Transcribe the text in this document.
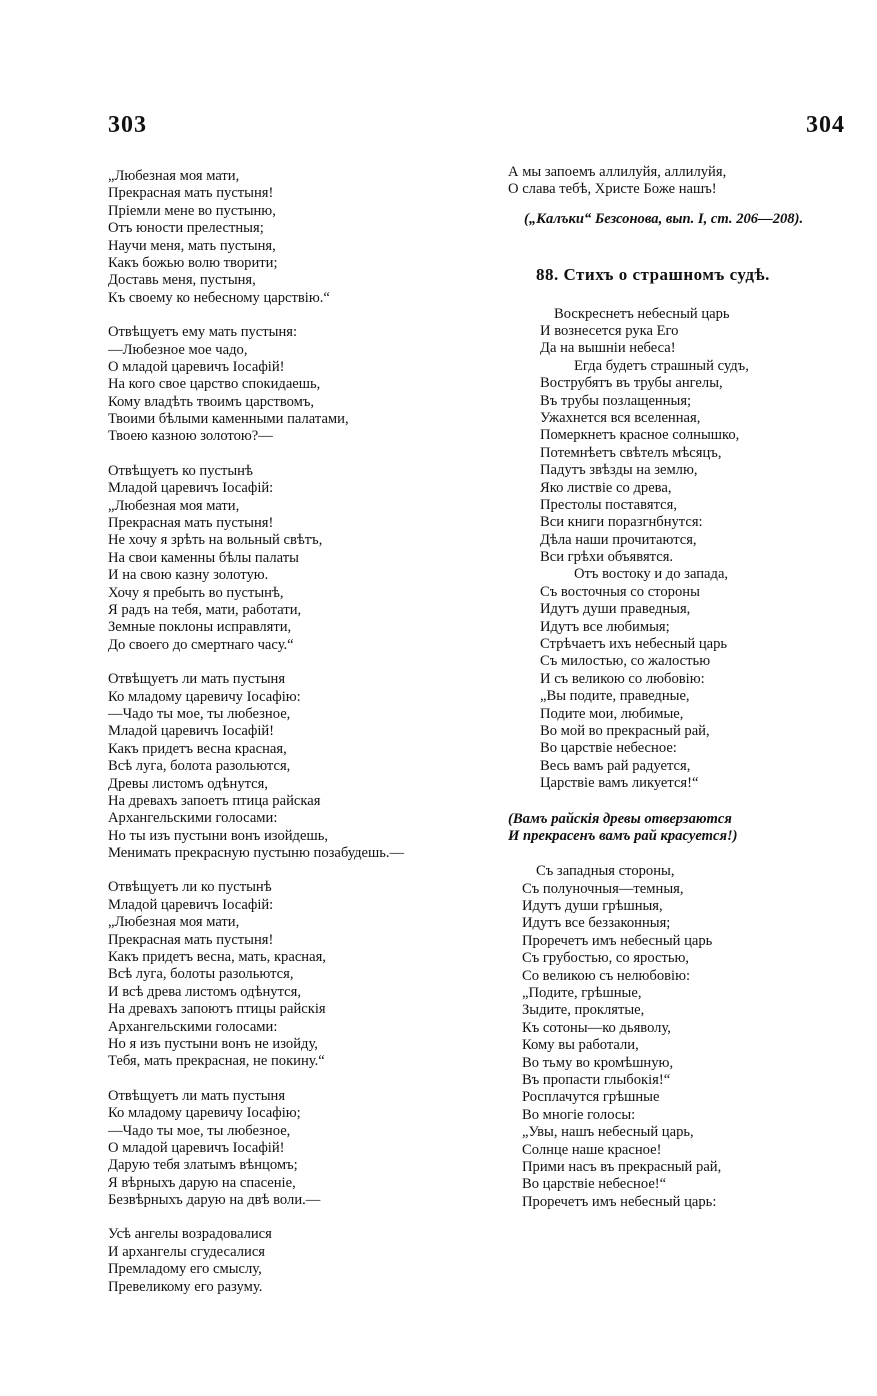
303	304
„Любезная моя мати,
Прекрасная мать пустыня!
Пріемли мене во пустыню,
Отъ юности прелестныя;
Научи меня, мать пустыня,
Какъ божью волю творити;
Доставь меня, пустыня,
Къ своему ко небесному царствію.“
Отвѣщуетъ ему мать пустыня:
—Любезное мое чадо,
О младой царевичъ Іосафій!
На кого свое царство спокидаешь,
Кому владѣть твоимъ царствомъ,
Твоими бѣлыми каменными палатами,
Твоею казною золотою?—
Отвѣщуетъ ко пустынѣ
Младой царевичъ Іосафій:
„Любезная моя мати,
Прекрасная мать пустыня!
Не хочу я зрѣть на вольный свѣтъ,
На свои каменны бѣлы палаты
И на свою казну золотую.
Хочу я пребыть во пустынѣ,
Я радъ на тебя, мати, работати,
Земные поклоны исправляти,
До своего до смертнаго часу.“
Отвѣщуетъ ли мать пустыня
Ко младому царевичу Іосафію:
—Чадо ты мое, ты любезное,
Младой царевичъ Іосафій!
Какъ придетъ весна красная,
Всѣ луга, болота разольются,
Древы листомъ одѣнутся,
На древахъ запоетъ птица райская
Архангельскими голосами:
Но ты изъ пустыни вонъ изойдешь,
Менимать прекрасную пустыню позабудешь.—
Отвѣщуетъ ли ко пустынѣ
Младой царевичъ Іосафій:
„Любезная моя мати,
Прекрасная мать пустыня!
Какъ придетъ весна, мать, красная,
Всѣ луга, болоты разольются,
И всѣ древа листомъ одѣнутся,
На древахъ запоютъ птицы райскія
Архангельскими голосами:
Но я изъ пустыни вонъ не изойду,
Тебя, мать прекрасная, не покину.“
Отвѣщуетъ ли мать пустыня
Ко младому царевичу Іосафію;
—Чадо ты мое, ты любезное,
О младой царевичъ Іосафій!
Дарую тебя златымъ вѣнцомъ;
Я вѣрныхъ дарую на спасеніе,
Безвѣрныхъ дарую на двѣ воли.—
Усѣ ангелы возрадовалися
И архангелы сгудесалися
Премладому его смыслу,
Превеликому его разуму.
А мы запоемъ аллилуйя, аллилуйя,
О слава тебѣ, Христе Боже нашъ!
(„Калъки“ Безсонова, вып. I, ст. 206—208).
88. Стихъ о страшномъ судѣ.
Воскреснетъ небесный царь
И вознесется рука Его
Да на вышніи небеса!
Егда будетъ страшный судъ,
Вострубятъ въ трубы ангелы,
Въ трубы позлащенныя;
Ужахнется вся вселенная,
Померкнетъ красное солнышко,
Потемнѣетъ свѣтелъ мѣсяцъ,
Падутъ звѣзды на землю,
Яко листвіе со древа,
Престолы поставятся,
Вси книги поразгнбнутся:
Дѣла наши прочитаются,
Вси грѣхи объявятся.
Отъ востоку и до запада,
Съ восточныя со стороны
Идутъ души праведныя,
Идутъ все любимыя;
Стрѣчаетъ ихъ небесный царь
Съ милостью, со жалостью
И съ великою со любовію:
„Вы подите, праведные,
Подите мои, любимые,
Во мой во прекрасный рай,
Во царствіе небесное:
Весь вамъ рай радуется,
Царствіе вамъ ликуется!“
(Вамъ райскія древы отверзаются
И прекрасенъ вамъ рай красуется!)
Съ западныя стороны,
Съ полуночныя—темныя,
Идутъ души грѣшныя,
Идутъ все беззаконныя;
Проречетъ имъ небесный царь
Съ грубостью, со яростью,
Со великою съ нелюбовію:
„Подите, грѣшные,
Зыдите, проклятые,
Къ сотоны—ко дьяволу,
Кому вы работали,
Во тьму во кромѣшную,
Въ пропасти глыбокія!“
Росплачутся грѣшные
Во многіе голосы:
„Увы, нашъ небесный царь,
Солнце наше красное!
Прими насъ въ прекрасный рай,
Во царствіе небесное!“
Проречетъ имъ небесный царь:
